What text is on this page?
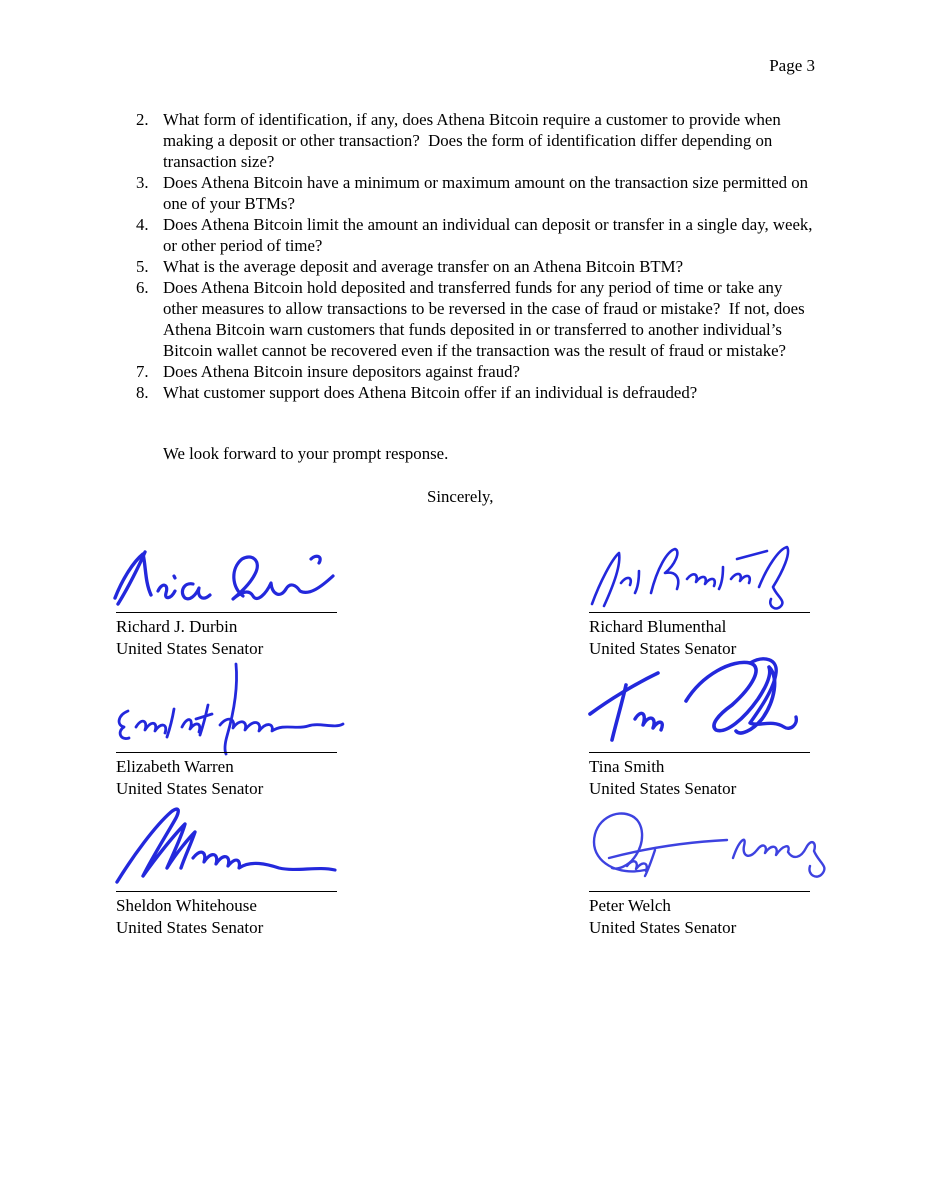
Page 3
2. What form of identification, if any, does Athena Bitcoin require a customer to provide when making a deposit or other transaction?  Does the form of identification differ depending on transaction size?
3. Does Athena Bitcoin have a minimum or maximum amount on the transaction size permitted on one of your BTMs?
4. Does Athena Bitcoin limit the amount an individual can deposit or transfer in a single day, week, or other period of time?
5. What is the average deposit and average transfer on an Athena Bitcoin BTM?
6. Does Athena Bitcoin hold deposited and transferred funds for any period of time or take any other measures to allow transactions to be reversed in the case of fraud or mistake?  If not, does Athena Bitcoin warn customers that funds deposited in or transferred to another individual’s Bitcoin wallet cannot be recovered even if the transaction was the result of fraud or mistake?
7. Does Athena Bitcoin insure depositors against fraud?
8. What customer support does Athena Bitcoin offer if an individual is defrauded?
We look forward to your prompt response.
Sincerely,
Richard J. Durbin
United States Senator
Richard Blumenthal
United States Senator
Elizabeth Warren
United States Senator
Tina Smith
United States Senator
Sheldon Whitehouse
United States Senator
Peter Welch
United States Senator
